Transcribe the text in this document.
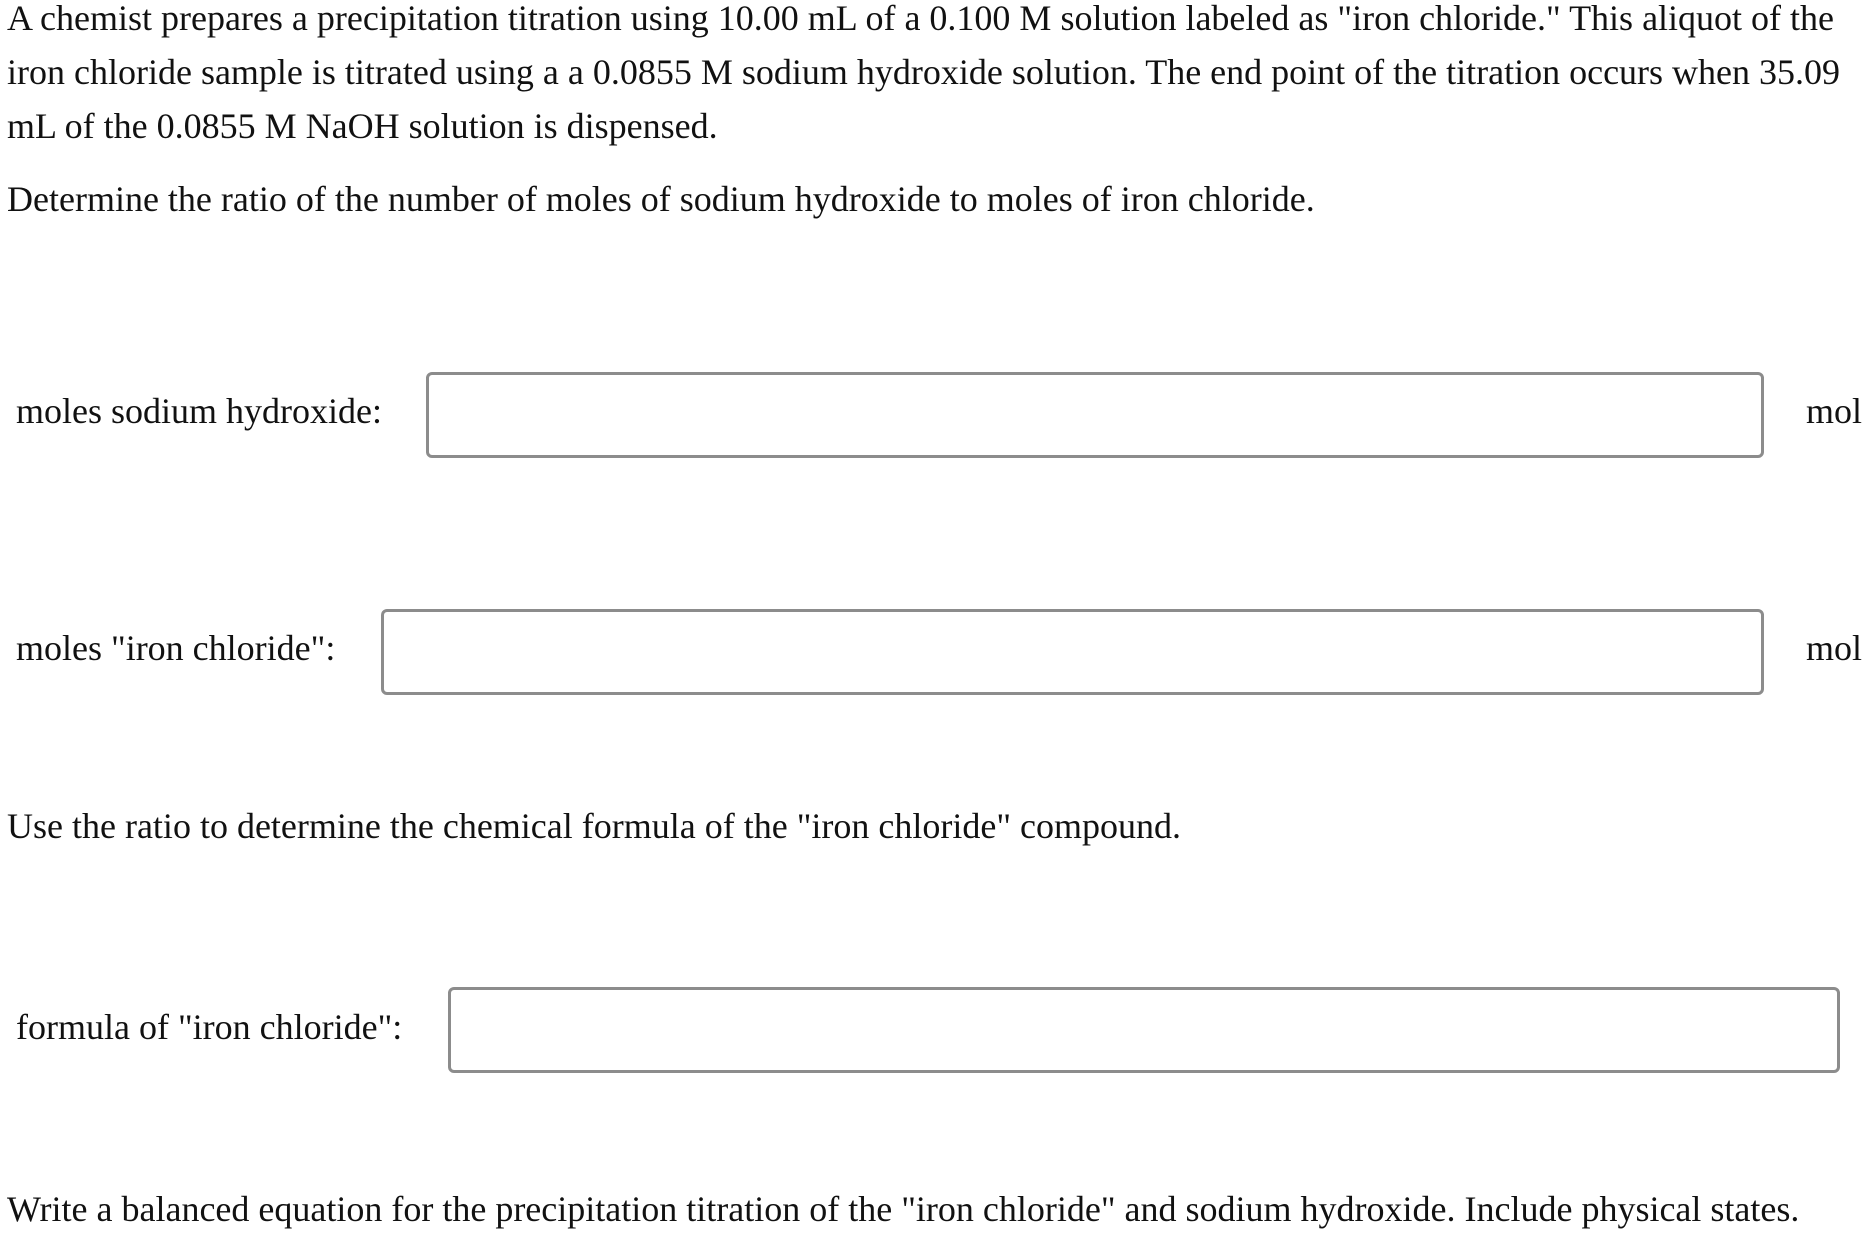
A chemist prepares a precipitation titration using 10.00 mL of a 0.100 M solution labeled as "iron chloride." This aliquot of the iron chloride sample is titrated using a a 0.0855 M sodium hydroxide solution. The end point of the titration occurs when 35.09 mL of the 0.0855 M NaOH solution is dispensed.

Determine the ratio of the number of moles of sodium hydroxide to moles of iron chloride.

moles sodium hydroxide:	mol
moles "iron chloride":	mol

Use the ratio to determine the chemical formula of the "iron chloride" compound.

formula of "iron chloride":

Write a balanced equation for the precipitation titration of the "iron chloride" and sodium hydroxide. Include physical states.
